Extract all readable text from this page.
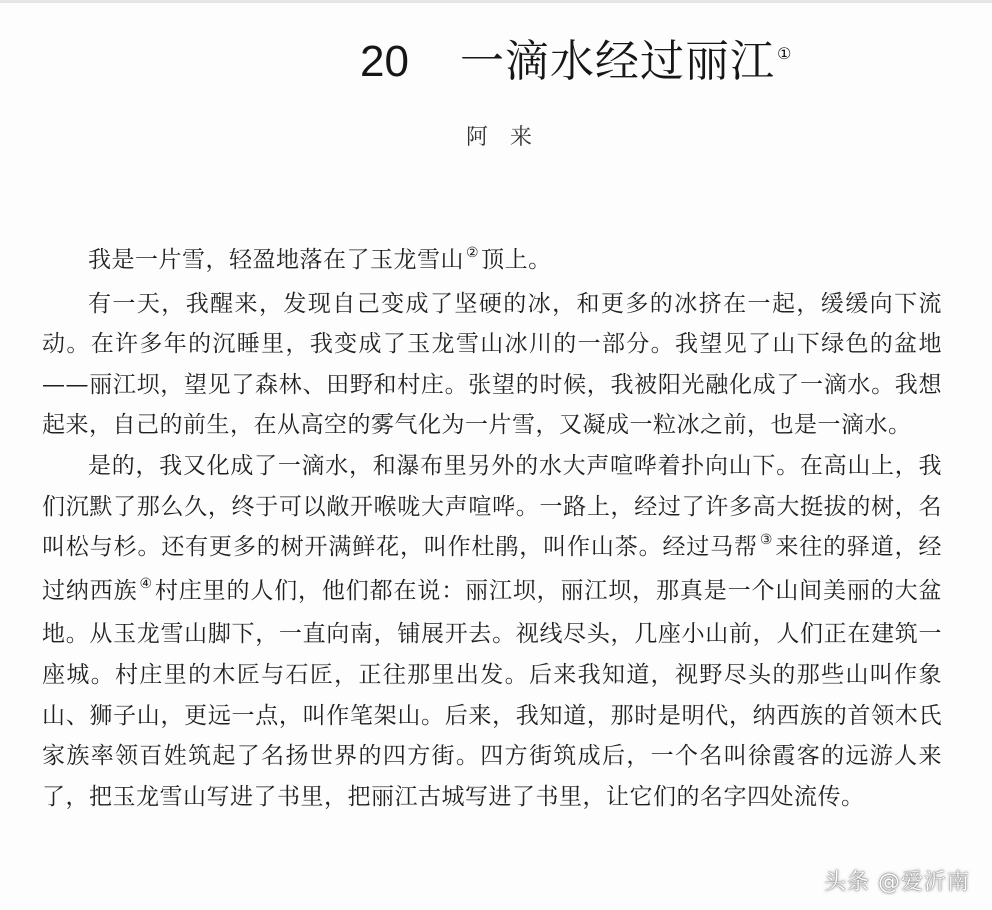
20 一滴水经过丽江 ①
阿来

我是一片雪，轻盈地落在了玉龙雪山 ②顶上。

有一天，我醒来，发现自己变成了坚硬的冰，和更多的冰挤在一起，缓缓向下流动。在许多年的沉睡里，我变成了玉龙雪山冰川的一部分。我望见了山下绿色的盆地——丽江坝，望见了森林、田野和村庄。张望的时候，我被阳光融化成了一滴水。我想起来，自己的前生，在从高空的雾气化为一片雪，又凝成一粒冰之前，也是一滴水。

是的，我又化成了一滴水，和瀑布里另外的水大声喧哗着扑向山下。在高山上，我们沉默了那么久，终于可以敞开喉咙大声喧哗。一路上，经过了许多高大挺拔的树，名叫松与杉。还有更多的树开满鲜花，叫作杜鹃，叫作山茶。经过马帮 ③来往的驿道，经过纳西族 ④村庄里的人们，他们都在说：丽江坝，丽江坝，那真是一个山间美丽的大盆地。从玉龙雪山脚下，一直向南，铺展开去。视线尽头，几座小山前，人们正在建筑一座城。村庄里的木匠与石匠，正往那里出发。后来我知道，视野尽头的那些山叫作象山、狮子山，更远一点，叫作笔架山。后来，我知道，那时是明代，纳西族的首领木氏家族率领百姓筑起了名扬世界的四方街。四方街筑成后，一个名叫徐霞客的远游人来了，把玉龙雪山写进了书里，把丽江古城写进了书里，让它们的名字四处流传。

头条 @爱沂南
